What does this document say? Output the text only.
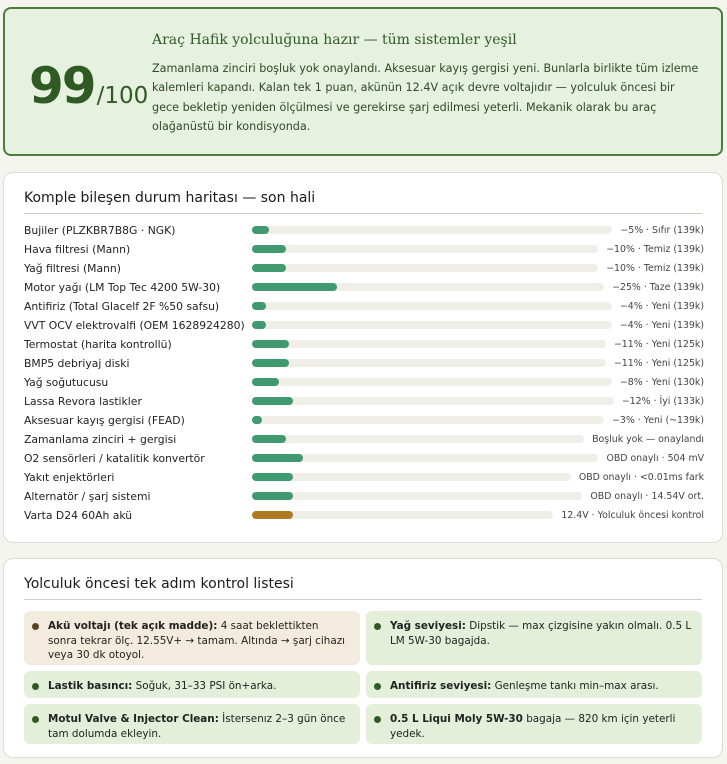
99 /100
Araç Hafik yolculuğuna hazır — tüm sistemler yeşil
Zamanlama zinciri boşluk yok onaylandı. Aksesuar kayış gergisi yeni. Bunlarla birlikte tüm izleme kalemleri kapandı. Kalan tek 1 puan, akünün 12.4V açık devre voltajıdır — yolculuk öncesi bir gece bekletip yeniden ölçülmesi ve gerekirse şarj edilmesi yeterli. Mekanik olarak bu araç olağanüstü bir kondisyonda.
Komple bileşen durum haritası — son hali
Bujiler (PLZKBR7B8G · NGK)	−5% · Sıfır (139k)
Hava filtresi (Mann)	−10% · Temiz (139k)
Yağ filtresi (Mann)	−10% · Temiz (139k)
Motor yağı (LM Top Tec 4200 5W-30)	−25% · Taze (139k)
Antifiriz (Total Glacelf 2F %50 safsu)	−4% · Yeni (139k)
VVT OCV elektrovalfi (OEM 1628924280)	−4% · Yeni (139k)
Termostat (harita kontrollü)	−11% · Yeni (125k)
BMP5 debriyaj diski	−11% · Yeni (125k)
Yağ soğutucusu	−8% · Yeni (130k)
Lassa Revora lastikler	−12% · İyi (133k)
Aksesuar kayış gergisi (FEAD)	−3% · Yeni (~139k)
Zamanlama zinciri + gergisi	Boşluk yok — onaylandı
O2 sensörleri / katalitik konvertör	OBD onaylı · 504 mV
Yakıt enjektörleri	OBD onaylı · <0.01ms fark
Alternatör / şarj sistemi	OBD onaylı · 14.54V ort.
Varta D24 60Ah akü	12.4V · Yolculuk öncesi kontrol
Yolculuk öncesi tek adım kontrol listesi
Akü voltajı (tek açık madde): 4 saat beklettikten sonra tekrar ölç. 12.55V+ → tamam. Altında → şarj cihazı veya 30 dk otoyol.
Yağ seviyesi: Dipstik — max çizgisine yakın olmalı. 0.5 L LM 5W-30 bagajda.
Lastik basıncı: Soğuk, 31–33 PSI ön+arka.	Antifiriz seviyesi: Genleşme tankı min–max arası.
Motul Valve & Injector Clean: İstersenız 2–3 gün önce tam dolumda ekleyin.
0.5 L Liqui Moly 5W-30 bagaja — 820 km için yeterli yedek.
